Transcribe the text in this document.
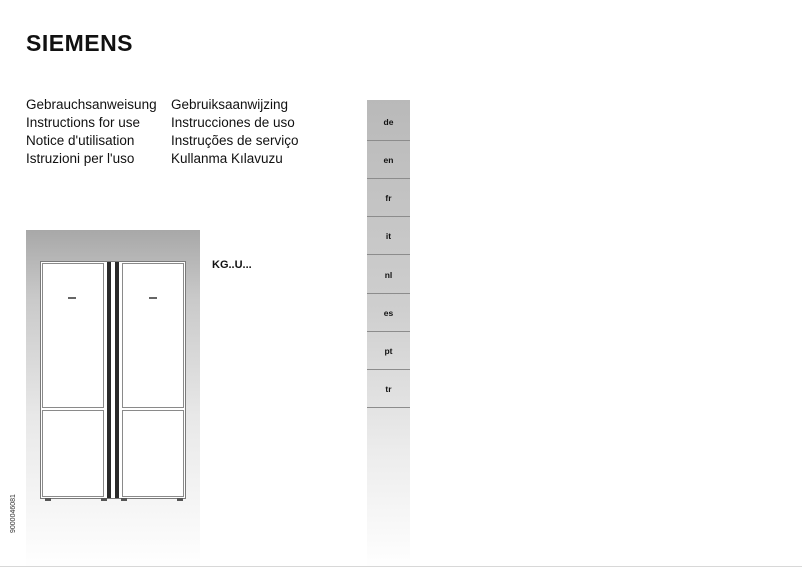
SIEMENS
Gebrauchsanweisung	Gebruiksaanwijzing
Instructions for use	Instrucciones de uso
Notice d'utilisation	Instruções de serviço
Istruzioni per l'uso	Kullanma Kılavuzu
KG..U...
de
en
fr
it
nl
es
pt
tr
9000046081
